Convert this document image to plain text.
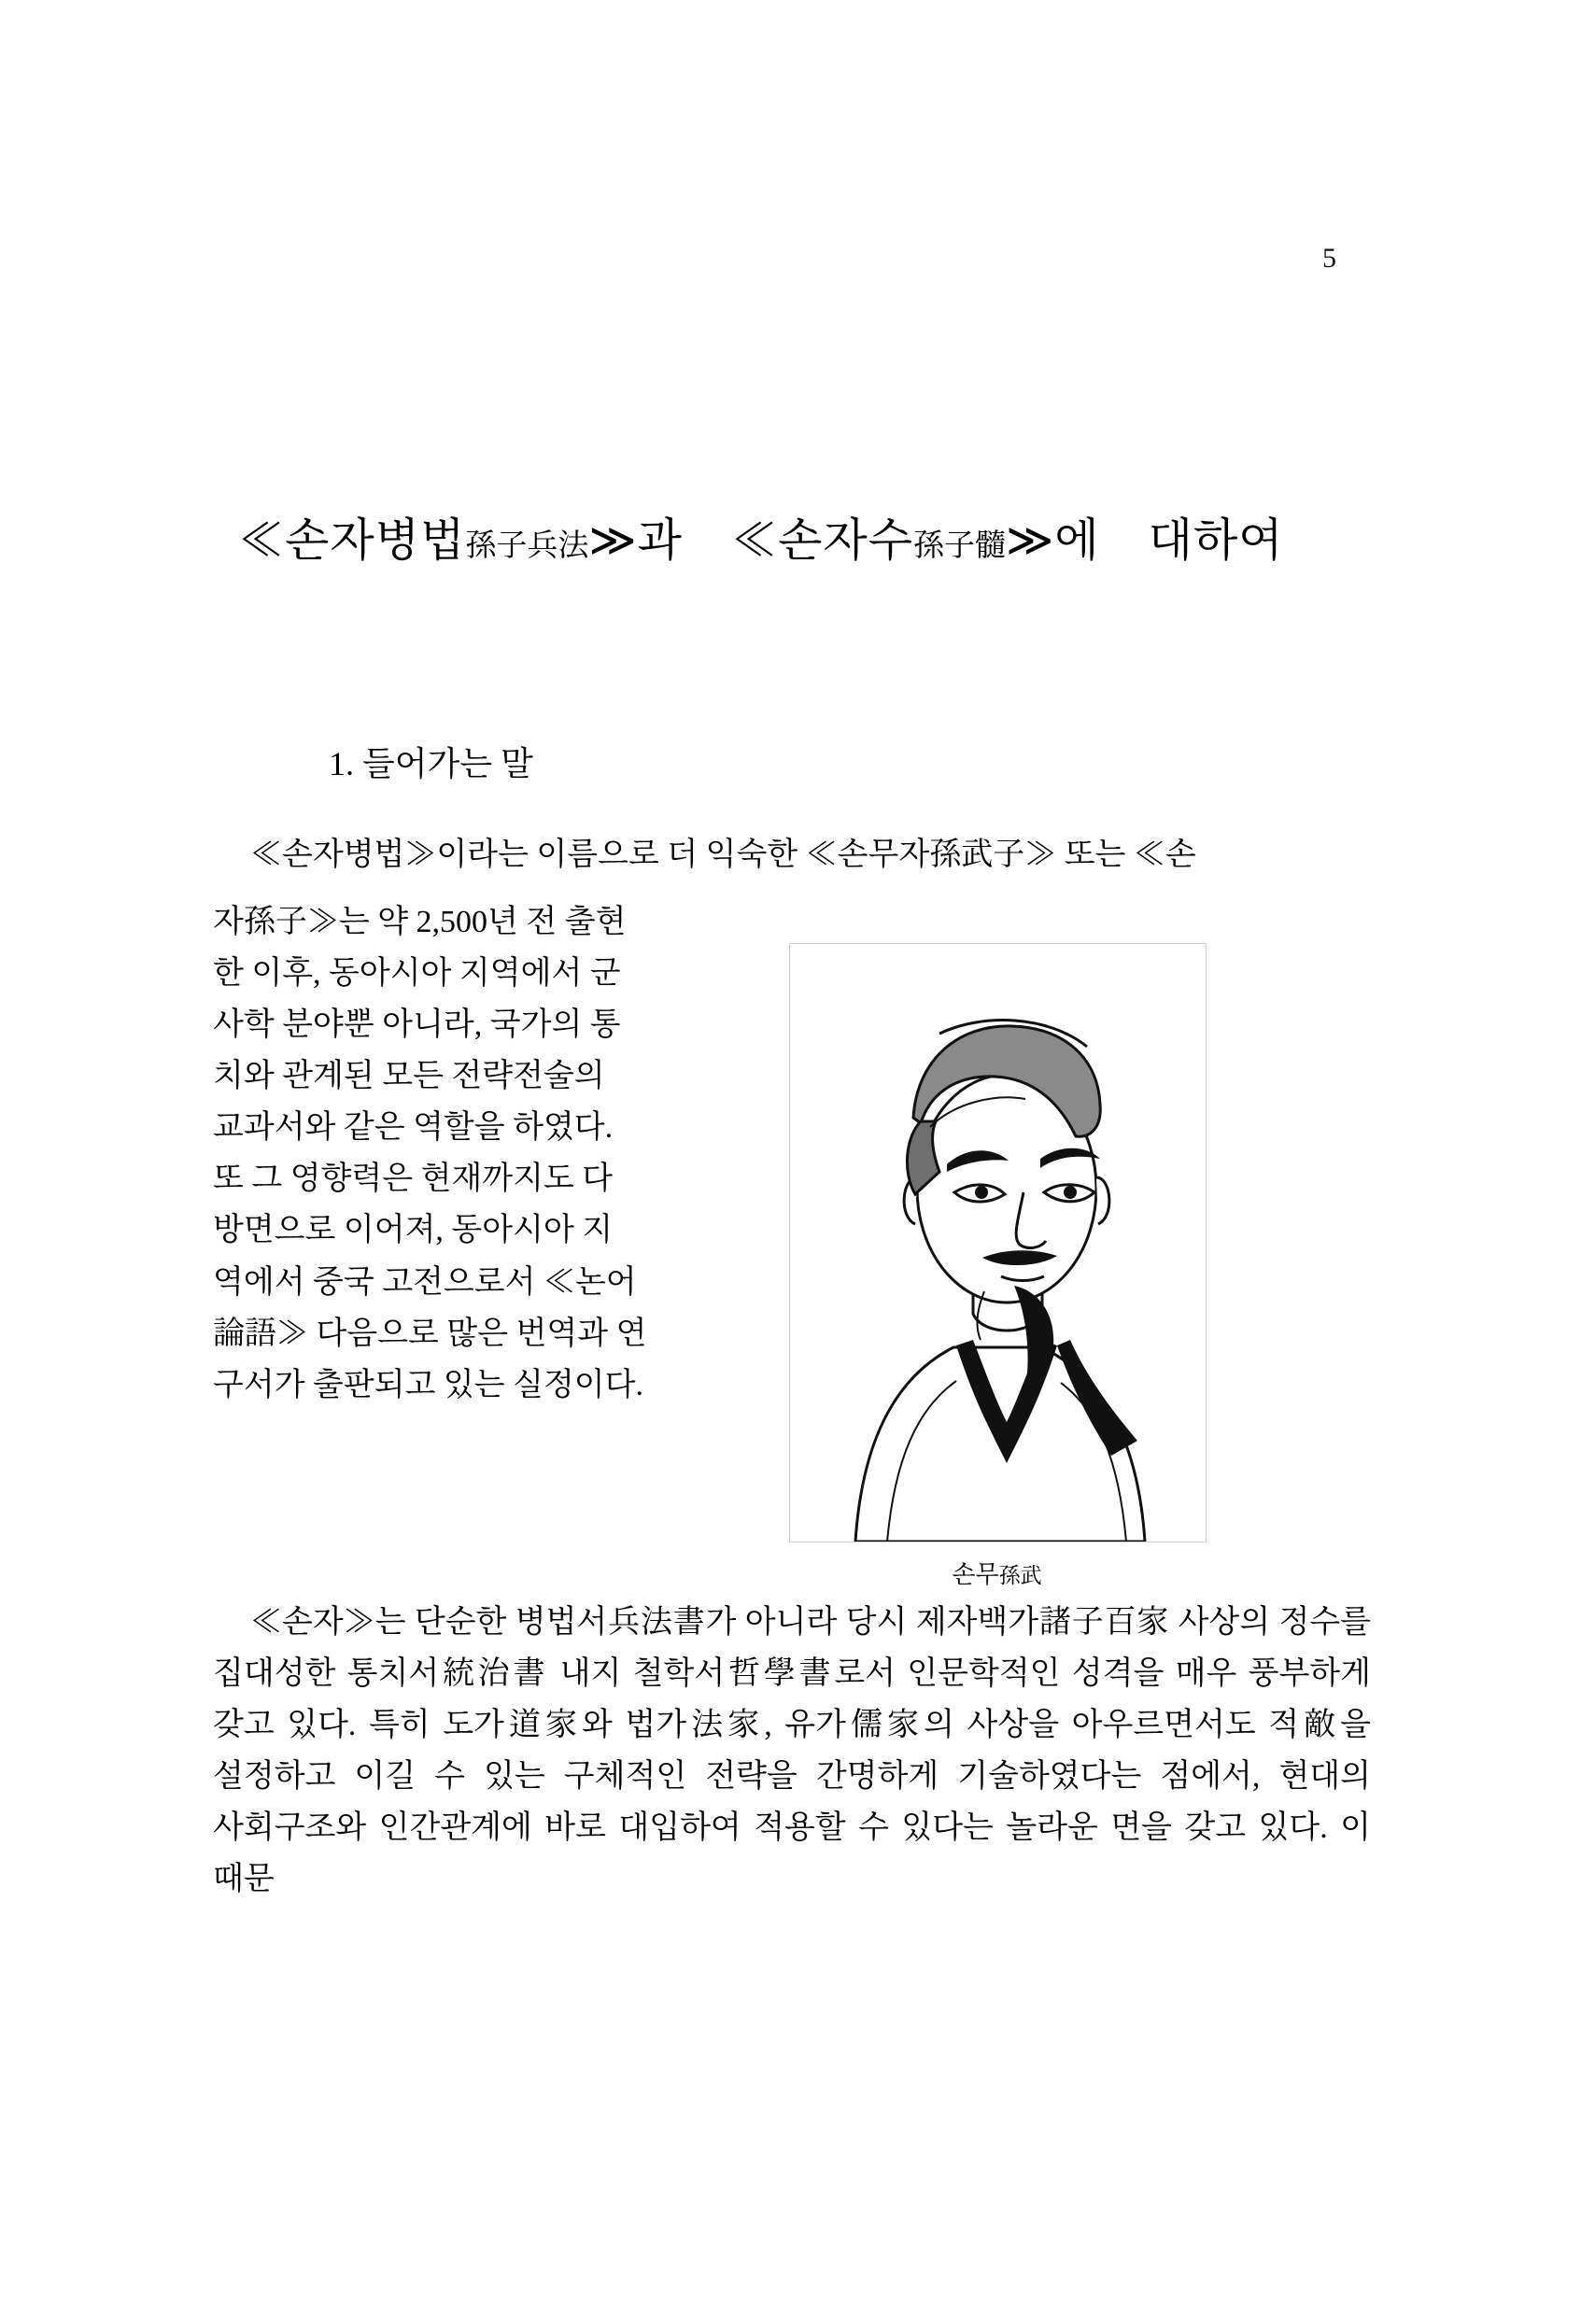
5
≪손자병법孫子兵法≫과 ≪손자수孫子髓≫에 대하여
1. 들어가는 말
≪손자병법≫이라는 이름으로 더 익숙한 ≪손무자孫武子≫ 또는 ≪손
자孫子≫는 약 2,500년 전 출현
한 이후, 동아시아 지역에서 군
사학 분야뿐 아니라, 국가의 통
치와 관계된 모든 전략전술의
교과서와 같은 역할을 하였다.
또 그 영향력은 현재까지도 다
방면으로 이어져, 동아시아 지
역에서 중국 고전으로서 ≪논어
論語≫ 다음으로 많은 번역과 연
구서가 출판되고 있는 실정이다.
손무孫武
≪손자≫는 단순한 병법서兵法書가 아니라 당시 제자백가諸子百家 사상의 정수를 집대성한 통치서統治書 내지 철학서哲學書로서 인문학적인 성격을 매우 풍부하게 갖고 있다. 특히 도가道家와 법가法家, 유가儒家의 사상을 아우르면서도 적敵을 설정하고 이길 수 있는 구체적인 전략을 간명하게 기술하였다는 점에서, 현대의 사회구조와 인간관계에 바로 대입하여 적용할 수 있다는 놀라운 면을 갖고 있다. 이 때문
